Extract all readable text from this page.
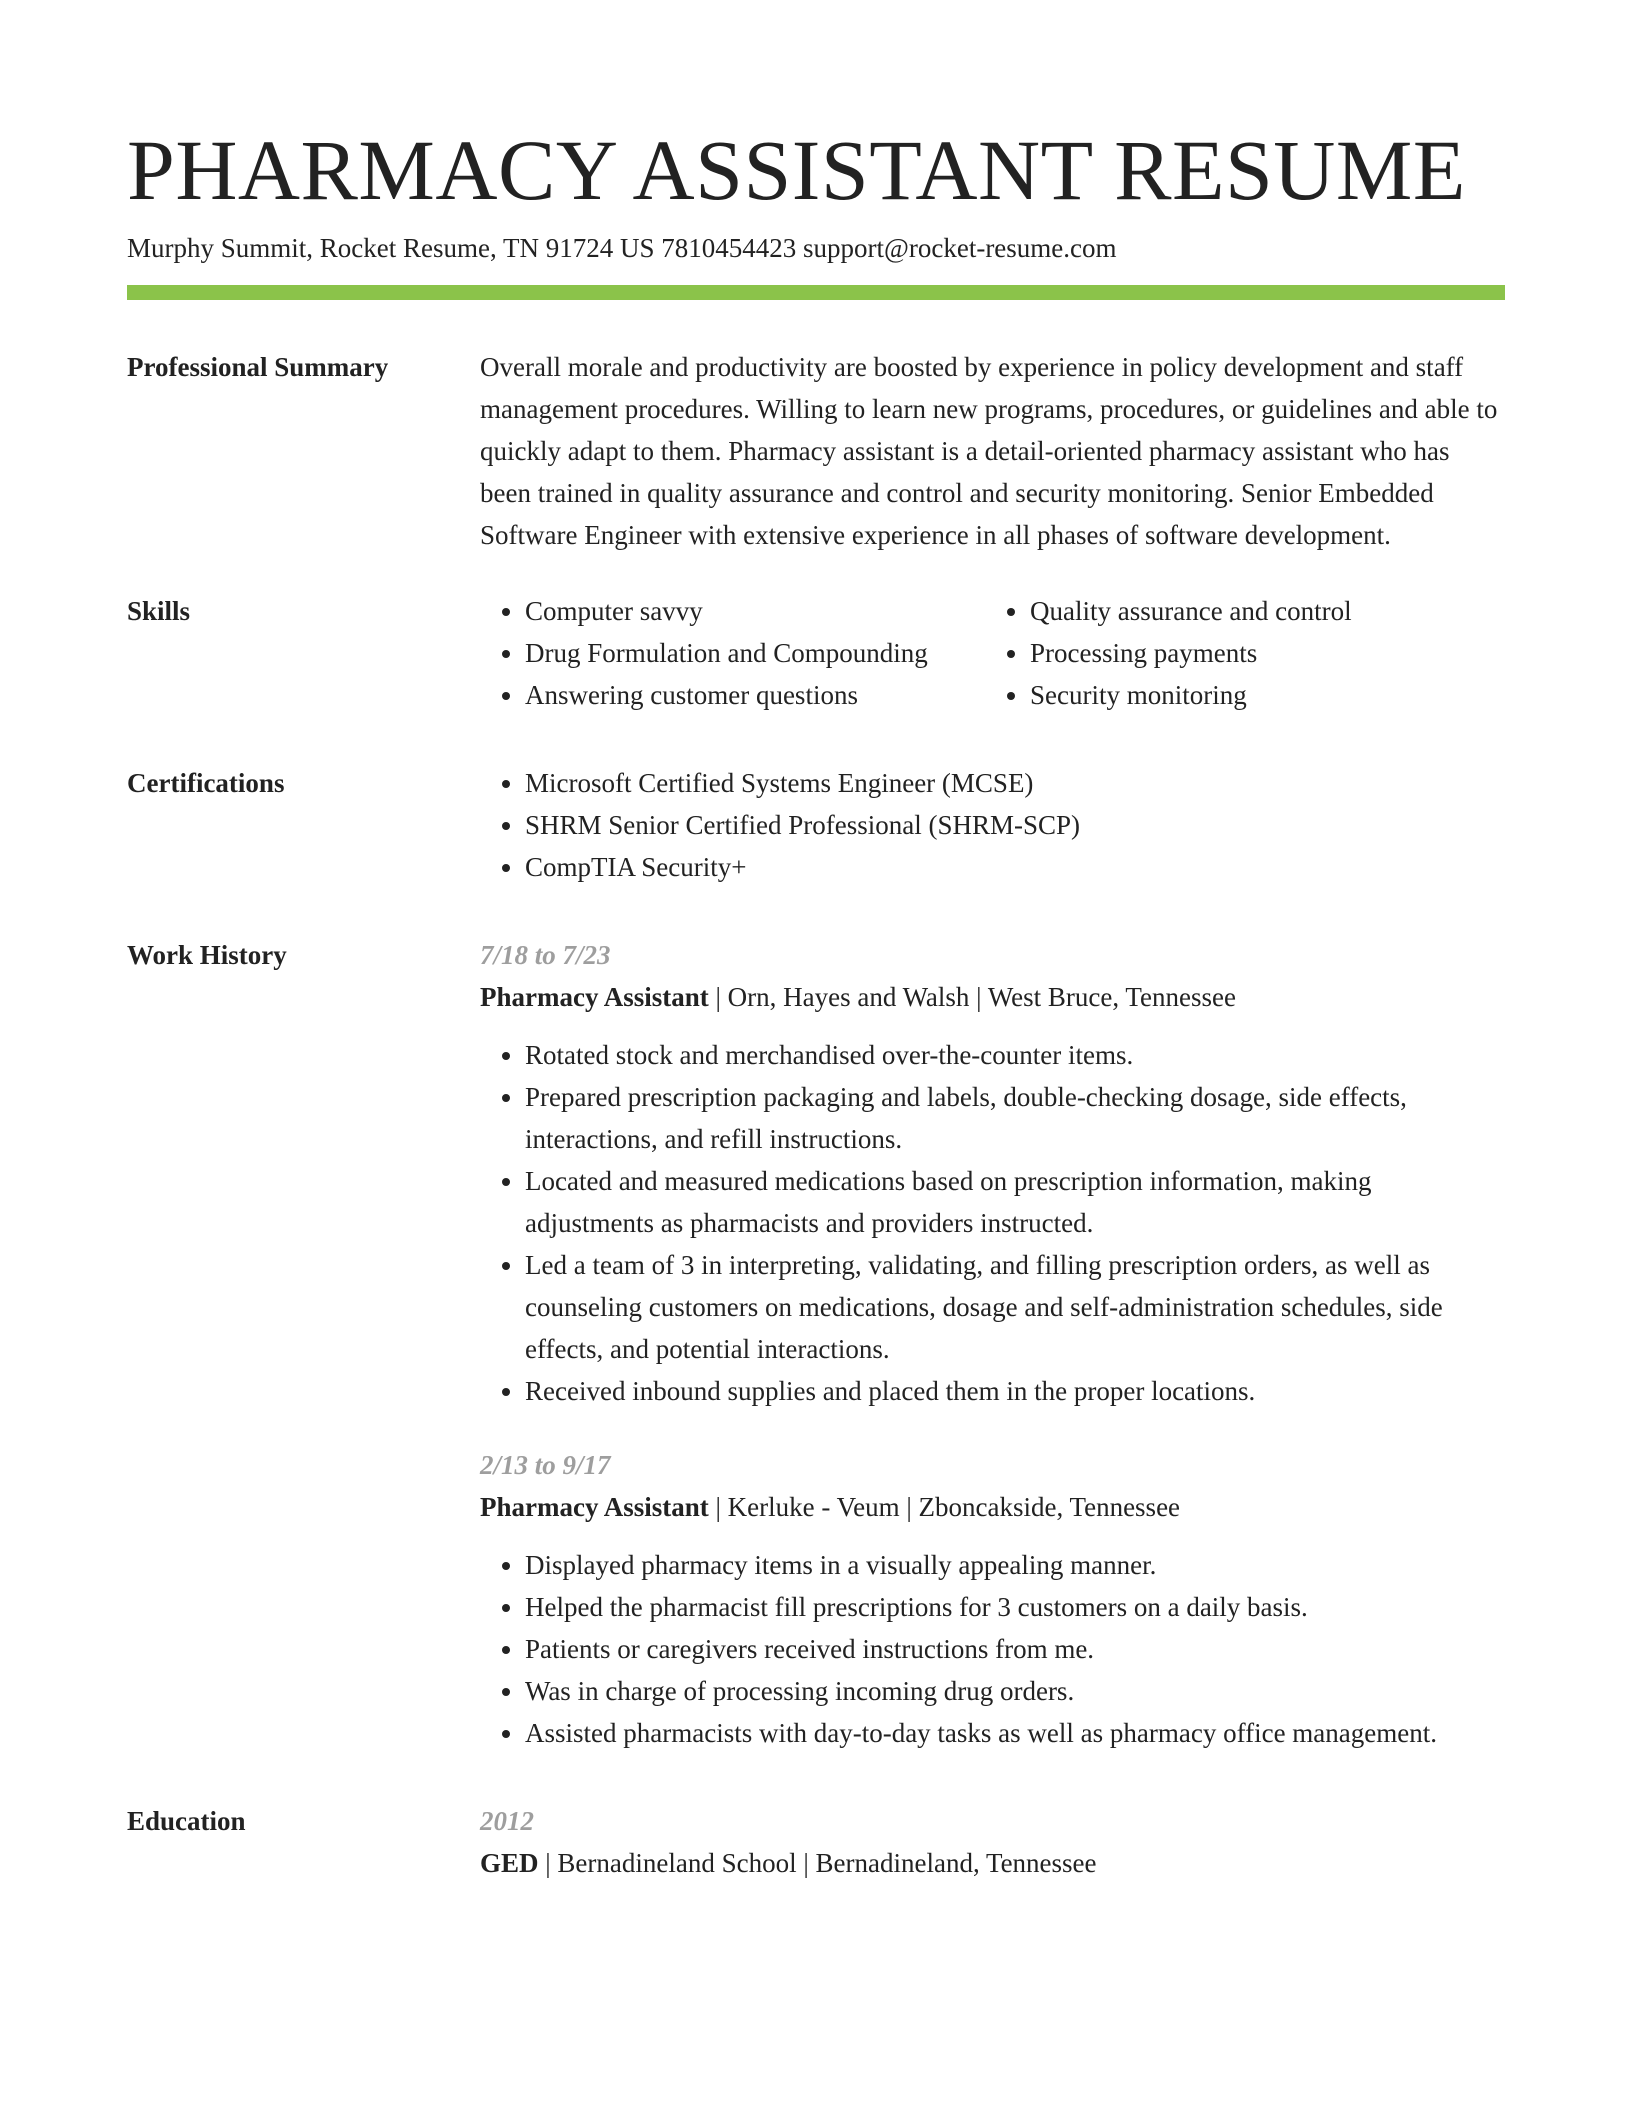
PHARMACY ASSISTANT RESUME
Murphy Summit, Rocket Resume, TN 91724 US 7810454423 support@rocket-resume.com
Professional Summary	Overall morale and productivity are boosted by experience in policy development and staff management procedures. Willing to learn new programs, procedures, or guidelines and able to quickly adapt to them. Pharmacy assistant is a detail-oriented pharmacy assistant who has been trained in quality assurance and control and security monitoring. Senior Embedded Software Engineer with extensive experience in all phases of software development.
Skills	• Computer savvy
• Drug Formulation and Compounding
• Answering customer questions
• Quality assurance and control
• Processing payments
• Security monitoring
Certifications	• Microsoft Certified Systems Engineer (MCSE)
• SHRM Senior Certified Professional (SHRM-SCP)
• CompTIA Security+
Work History	7/18 to 7/23
Pharmacy Assistant | Orn, Hayes and Walsh | West Bruce, Tennessee
• Rotated stock and merchandised over-the-counter items.
• Prepared prescription packaging and labels, double-checking dosage, side effects, interactions, and refill instructions.
• Located and measured medications based on prescription information, making adjustments as pharmacists and providers instructed.
• Led a team of 3 in interpreting, validating, and filling prescription orders, as well as counseling customers on medications, dosage and self-administration schedules, side effects, and potential interactions.
• Received inbound supplies and placed them in the proper locations.
2/13 to 9/17
Pharmacy Assistant | Kerluke - Veum | Zboncakside, Tennessee
• Displayed pharmacy items in a visually appealing manner.
• Helped the pharmacist fill prescriptions for 3 customers on a daily basis.
• Patients or caregivers received instructions from me.
• Was in charge of processing incoming drug orders.
• Assisted pharmacists with day-to-day tasks as well as pharmacy office management.
Education	2012
GED | Bernadineland School | Bernadineland, Tennessee
